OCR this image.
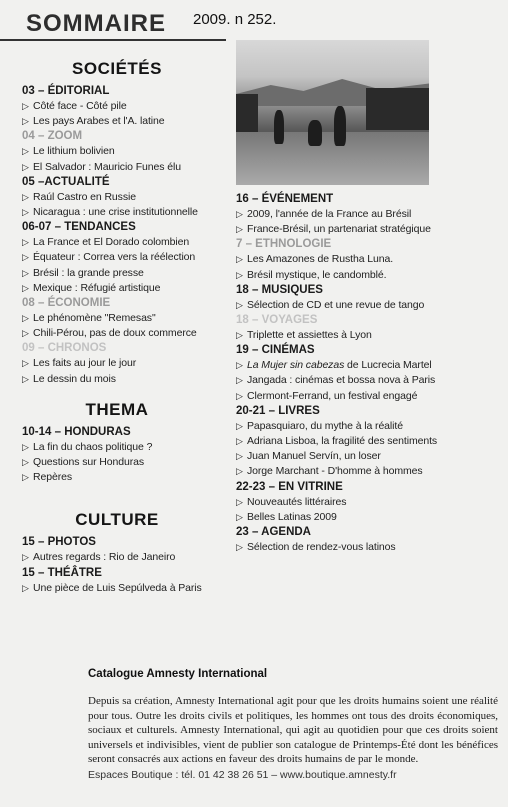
SOMMAIRE 2009. n 252.
SOCIÉTÉS
03 – ÉDITORIAL
▷ Côté face - Côté pile
▷ Les pays Arabes et l'A. latine
04 – ZOOM
▷ Le lithium bolivien
▷ El Salvador : Mauricio Funes élu
05 –ACTUALITÉ
▷ Raúl Castro en Russie
▷ Nicaragua : une crise institutionnelle
06-07 – TENDANCES
▷ La France et El Dorado colombien
▷ Équateur : Correa vers la réélection
▷ Brésil : la grande presse
▷ Mexique : Réfugié artistique
08 – ÉCONOMIE
▷ Le phénomène "Remesas"
▷ Chili-Pérou, pas de doux commerce
09 – CHRONOS
▷ Les faits au jour le jour
▷ Le dessin du mois
THEMA
10-14 – HONDURAS
▷ La fin du chaos politique ?
▷ Questions sur Honduras
▷ Repères
CULTURE
15 – PHOTOS
▷ Autres regards : Rio de Janeiro
15 – THÉÂTRE
▷ Une pièce de Luis Sepúlveda à Paris
16 – ÉVÉNEMENT
▷ 2009, l'année de la France au Brésil
▷ France-Brésil, un partenariat stratégique
7 – ETHNOLOGIE
▷ Les Amazones de Rustha Luna.
▷ Brésil mystique, le candomblé.
18 – MUSIQUES
▷ Sélection de CD et une revue de tango
18 – VOYAGES
▷ Triplette et assiettes à Lyon
19 – CINÉMAS
▷ La Mujer sin cabezas de Lucrecia Martel
▷ Jangada : cinémas et bossa nova à Paris
▷ Clermont-Ferrand, un festival engagé
20-21 – LIVRES
▷ Papasquiaro, du mythe à la réalité
▷ Adriana Lisboa, la fragilité des sentiments
▷ Juan Manuel Servín, un loser
▷ Jorge Marchant - D'homme à hommes
22-23 – EN VITRINE
▷ Nouveautés littéraires
▷ Belles Latinas 2009
23 – AGENDA
▷ Sélection de rendez-vous latinos
Catalogue Amnesty International
Depuis sa création, Amnesty International agit pour que les droits humains soient une réalité pour tous. Outre les droits civils et politiques, les hommes ont tous des droits économiques, sociaux et culturels. Amnesty International, qui agit au quotidien pour que ces droits soient universels et indivisibles, vient de publier son catalogue de Printemps-Été dont les bénéfices seront consacrés aux actions en faveur des droits humains de par le monde.
Espaces Boutique : tél. 01 42 38 26 51 – www.boutique.amnesty.fr
